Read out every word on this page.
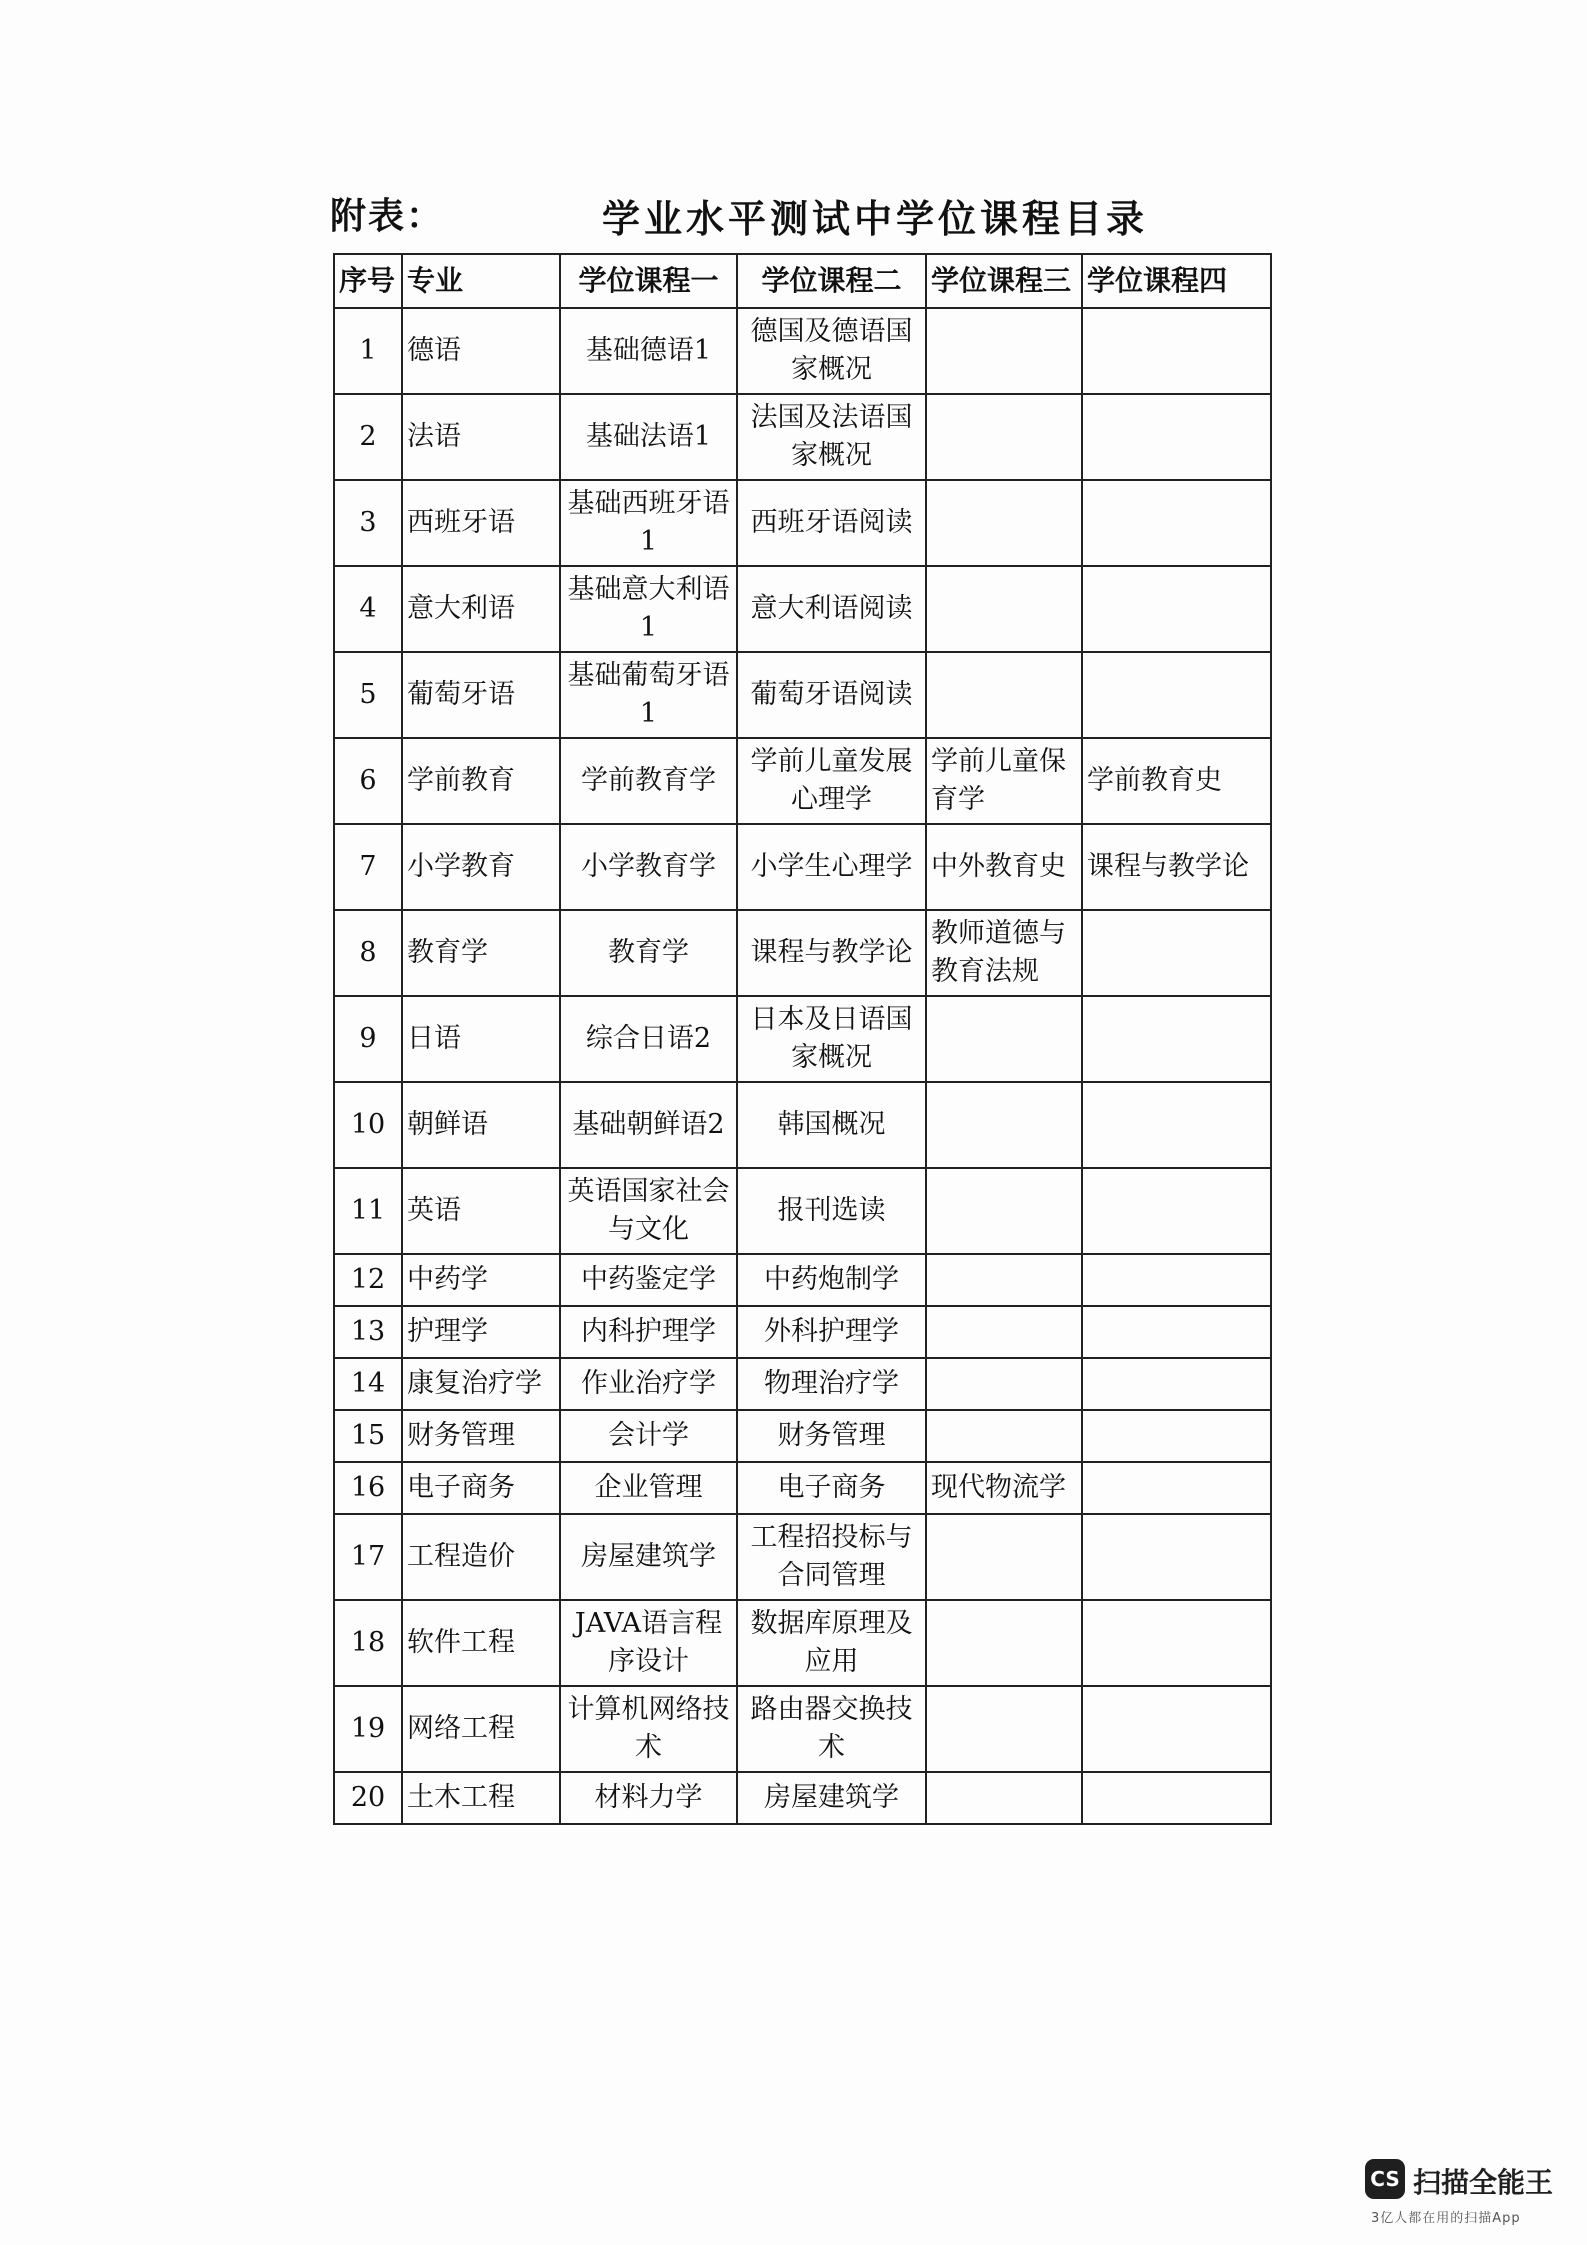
附表：	学业水平测试中学位课程目录
序号	专业	学位课程一	学位课程二	学位课程三	学位课程四
1	德语	基础德语1	德国及德语国家概况		
2	法语	基础法语1	法国及法语国家概况		
3	西班牙语	基础西班牙语1	西班牙语阅读		
4	意大利语	基础意大利语1	意大利语阅读		
5	葡萄牙语	基础葡萄牙语1	葡萄牙语阅读		
6	学前教育	学前教育学	学前儿童发展心理学	学前儿童保育学	学前教育史
7	小学教育	小学教育学	小学生心理学	中外教育史	课程与教学论
8	教育学	教育学	课程与教学论	教师道德与教育法规	
9	日语	综合日语2	日本及日语国家概况		
10	朝鲜语	基础朝鲜语2	韩国概况		
11	英语	英语国家社会与文化	报刊选读		
12	中药学	中药鉴定学	中药炮制学		
13	护理学	内科护理学	外科护理学		
14	康复治疗学	作业治疗学	物理治疗学		
15	财务管理	会计学	财务管理		
16	电子商务	企业管理	电子商务	现代物流学	
17	工程造价	房屋建筑学	工程招投标与合同管理		
18	软件工程	JAVA语言程序设计	数据库原理及应用		
19	网络工程	计算机网络技术	路由器交换技术		
20	土木工程	材料力学	房屋建筑学		
CS 扫描全能王
3亿人都在用的扫描App
